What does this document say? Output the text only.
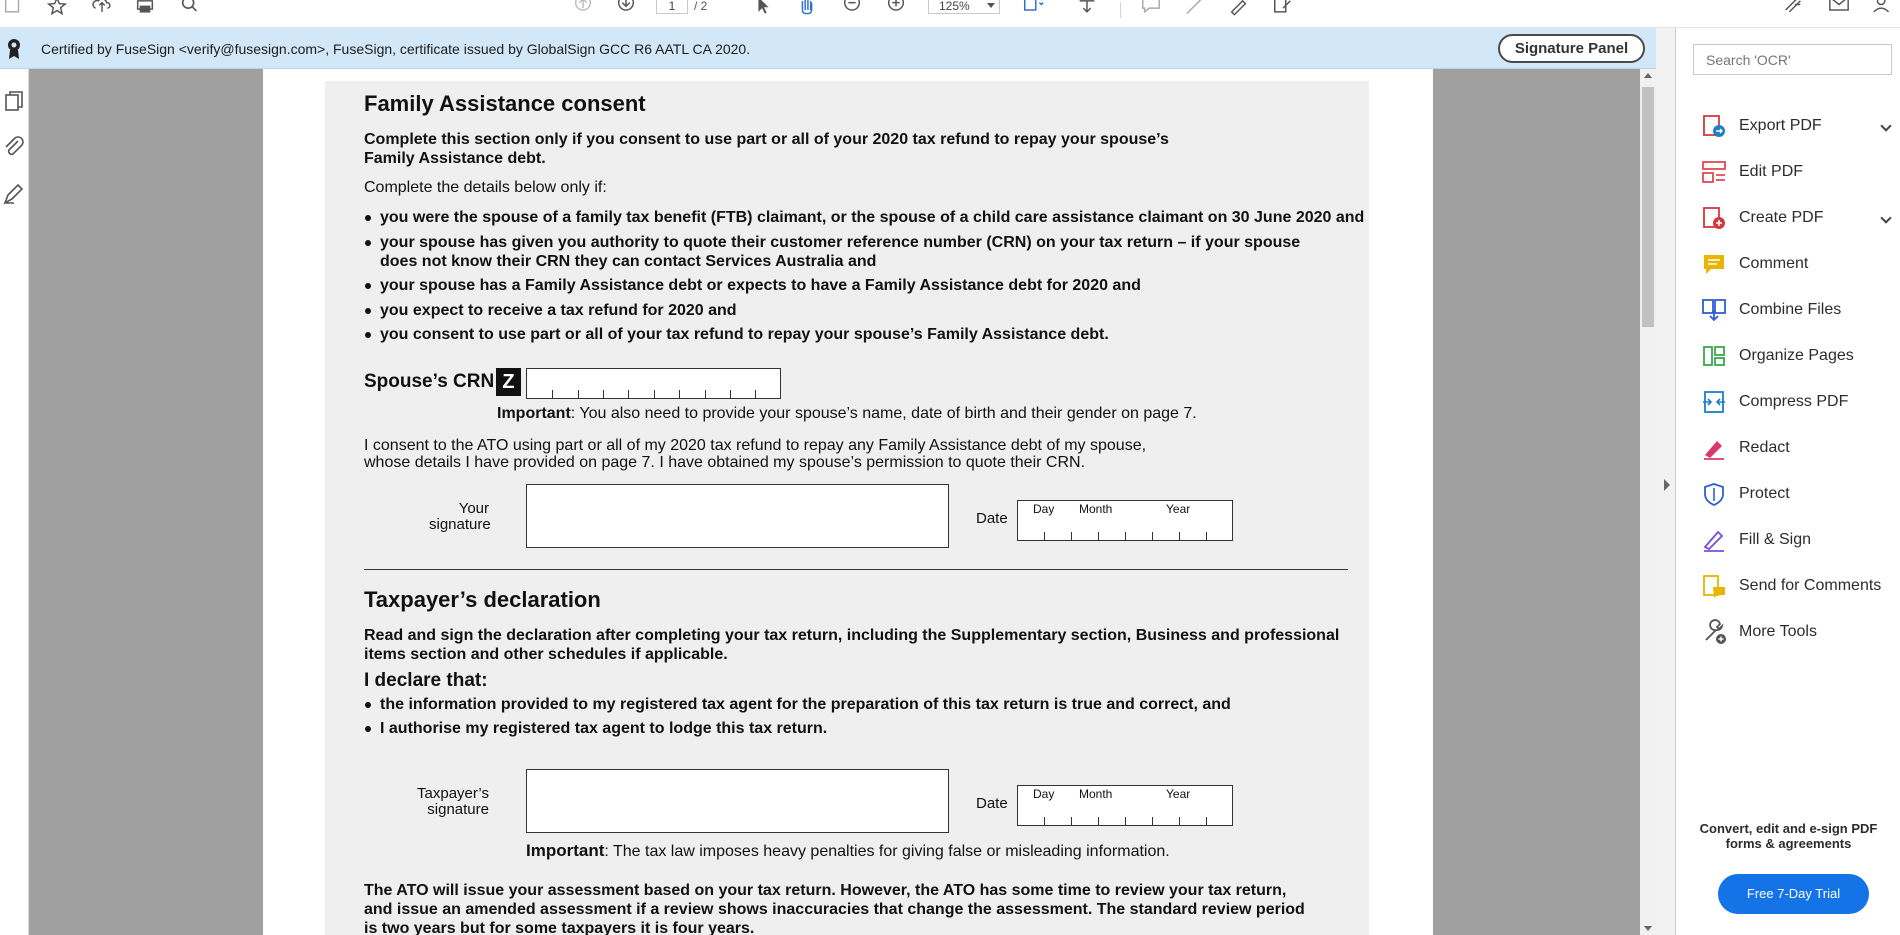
1	/ 2	125%
Certified by FuseSign <verify@fusesign.com>, FuseSign, certificate issued by GlobalSign GCC R6 AATL CA 2020.	Signature Panel
Family Assistance consent
Complete this section only if you consent to use part or all of your 2020 tax refund to repay your spouse’s
Family Assistance debt.
Complete the details below only if:
you were the spouse of a family tax benefit (FTB) claimant, or the spouse of a child care assistance claimant on 30 June 2020 and
your spouse has given you authority to quote their customer reference number (CRN) on your tax return – if your spouse
does not know their CRN they can contact Services Australia and
your spouse has a Family Assistance debt or expects to have a Family Assistance debt for 2020 and
you expect to receive a tax refund for 2020 and
you consent to use part or all of your tax refund to repay your spouse’s Family Assistance debt.
Spouse’s CRN Z
Important: You also need to provide your spouse’s name, date of birth and their gender on page 7.
I consent to the ATO using part or all of my 2020 tax refund to repay any Family Assistance debt of my spouse,
whose details I have provided on page 7. I have obtained my spouse’s permission to quote their CRN.
Your
signature	Date
Day Month	Year
Taxpayer’s declaration
Read and sign the declaration after completing your tax return, including the Supplementary section, Business and professional
items section and other schedules if applicable.
I declare that:
the information provided to my registered tax agent for the preparation of this tax return is true and correct, and
I authorise my registered tax agent to lodge this tax return.
Taxpayer’s
signature	Date
Day Month	Year
Important: The tax law imposes heavy penalties for giving false or misleading information.
The ATO will issue your assessment based on your tax return. However, the ATO has some time to review your tax return,
and issue an amended assessment if a review shows inaccuracies that change the assessment. The standard review period
is two years but for some taxpayers it is four years.
Search 'OCR'
Export PDF
Edit PDF
Create PDF
Comment
Combine Files
Organize Pages
Compress PDF
Redact
Protect
Fill & Sign
Send for Comments
More Tools
Convert, edit and e-sign PDF
forms & agreements
Free 7-Day Trial
